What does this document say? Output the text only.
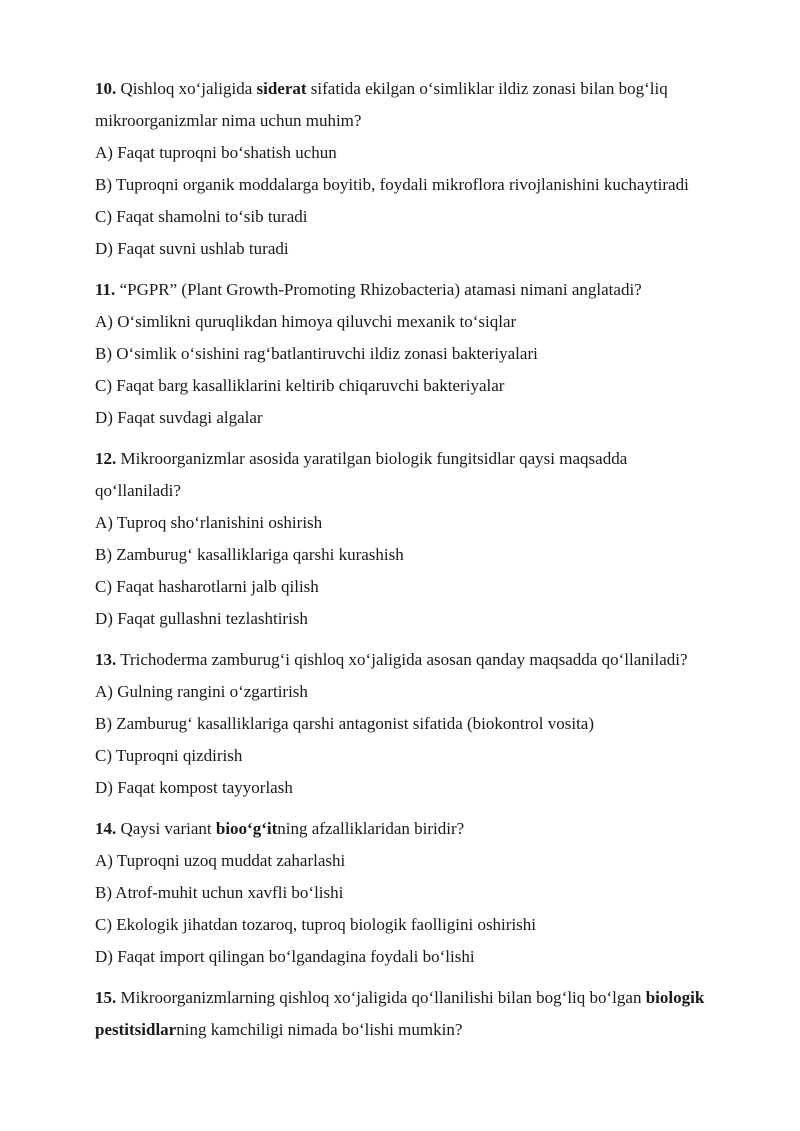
10. Qishloq xo‘jaligida siderat sifatida ekilgan o‘simliklar ildiz zonasi bilan bog‘liq mikroorganizmlar nima uchun muhim?

A) Faqat tuproqni bo‘shatish uchun
B) Tuproqni organik moddalarga boyitib, foydali mikroflora rivojlanishini kuchaytiradi
C) Faqat shamolni to‘sib turadi
D) Faqat suvni ushlab turadi

11. “PGPR” (Plant Growth-Promoting Rhizobacteria) atamasi nimani anglatadi?

A) O‘simlikni quruqlikdan himoya qiluvchi mexanik to‘siqlar
B) O‘simlik o‘sishini rag‘batlantiruvchi ildiz zonasi bakteriyalari
C) Faqat barg kasalliklarini keltirib chiqaruvchi bakteriyalar
D) Faqat suvdagi algalar

12. Mikroorganizmlar asosida yaratilgan biologik fungitsidlar qaysi maqsadda qo‘llaniladi?

A) Tuproq sho‘rlanishini oshirish
B) Zamburug‘ kasalliklariga qarshi kurashish
C) Faqat hasharotlarni jalb qilish
D) Faqat gullashni tezlashtirish

13. Trichoderma zamburug‘i qishloq xo‘jaligida asosan qanday maqsadda qo‘llaniladi?

A) Gulning rangini o‘zgartirish
B) Zamburug‘ kasalliklariga qarshi antagonist sifatida (biokontrol vosita)
C) Tuproqni qizdirish
D) Faqat kompost tayyorlash

14. Qaysi variant bioo‘g‘itning afzalliklaridan biridir?

A) Tuproqni uzoq muddat zaharlashi
B) Atrof-muhit uchun xavfli bo‘lishi
C) Ekologik jihatdan tozaroq, tuproq biologik faolligini oshirishi
D) Faqat import qilingan bo‘lgandagina foydali bo‘lishi

15. Mikroorganizmlarning qishloq xo‘jaligida qo‘llanilishi bilan bog‘liq bo‘lgan biologik pestitsidlarning kamchiligi nimada bo‘lishi mumkin?
